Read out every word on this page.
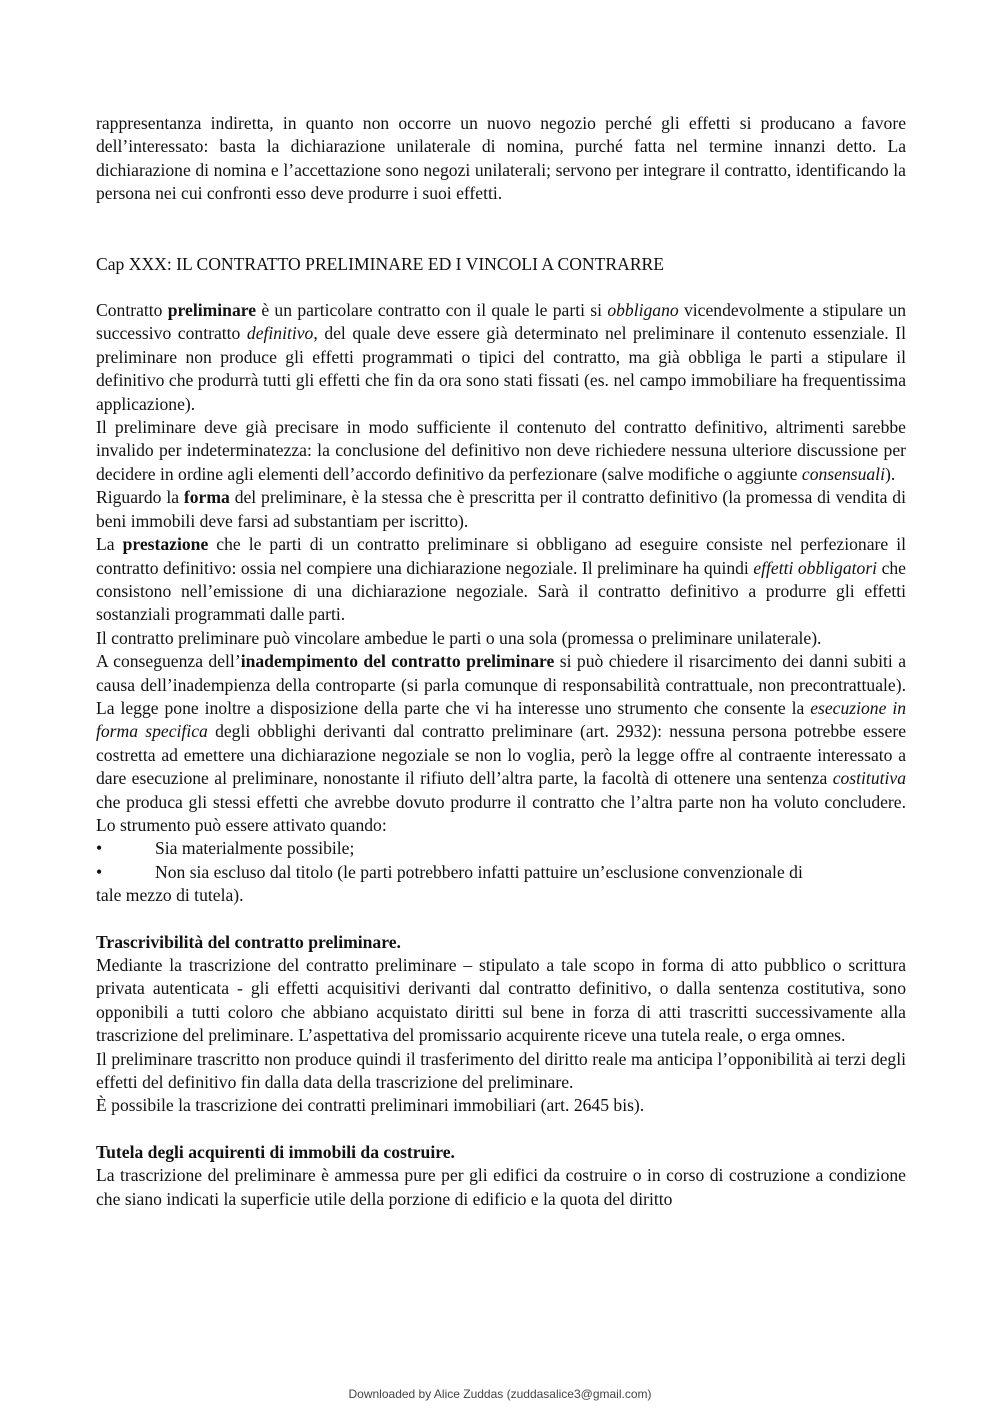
rappresentanza indiretta, in quanto non occorre un nuovo negozio perché gli effetti si producano a favore dell’interessato: basta la dichiarazione unilaterale di nomina, purché fatta nel termine innanzi detto. La dichiarazione di nomina e l’accettazione sono negozi unilaterali; servono per integrare il contratto, identificando la persona nei cui confronti esso deve produrre i suoi effetti.

Cap XXX: IL CONTRATTO PRELIMINARE ED I VINCOLI A CONTRARRE

Contratto preliminare è un particolare contratto con il quale le parti si obbligano vicendevolmente a stipulare un successivo contratto definitivo, del quale deve essere già determinato nel preliminare il contenuto essenziale. Il preliminare non produce gli effetti programmati o tipici del contratto, ma già obbliga le parti a stipulare il definitivo che produrrà tutti gli effetti che fin da ora sono stati fissati (es. nel campo immobiliare ha frequentissima applicazione).

Il preliminare deve già precisare in modo sufficiente il contenuto del contratto definitivo, altrimenti sarebbe invalido per indeterminatezza: la conclusione del definitivo non deve richiedere nessuna ulteriore discussione per decidere in ordine agli elementi dell’accordo definitivo da perfezionare (salve modifiche o aggiunte consensuali).

Riguardo la forma del preliminare, è la stessa che è prescritta per il contratto definitivo (la promessa di vendita di beni immobili deve farsi ad substantiam per iscritto).

La prestazione che le parti di un contratto preliminare si obbligano ad eseguire consiste nel perfezionare il contratto definitivo: ossia nel compiere una dichiarazione negoziale. Il preliminare ha quindi effetti obbligatori che consistono nell’emissione di una dichiarazione negoziale. Sarà il contratto definitivo a produrre gli effetti sostanziali programmati dalle parti.

Il contratto preliminare può vincolare ambedue le parti o una sola (promessa o preliminare unilaterale).

A conseguenza dell’inadempimento del contratto preliminare si può chiedere il risarcimento dei danni subiti a causa dell’inadempienza della controparte (si parla comunque di responsabilità contrattuale, non precontrattuale). La legge pone inoltre a disposizione della parte che vi ha interesse uno strumento che consente la esecuzione in forma specifica degli obblighi derivanti dal contratto preliminare (art. 2932): nessuna persona potrebbe essere costretta ad emettere una dichiarazione negoziale se non lo voglia, però la legge offre al contraente interessato a dare esecuzione al preliminare, nonostante il rifiuto dell’altra parte, la facoltà di ottenere una sentenza costitutiva che produca gli stessi effetti che avrebbe dovuto produrre il contratto che l’altra parte non ha voluto concludere. Lo strumento può essere attivato quando:

•	Sia materialmente possibile;
•	Non sia escluso dal titolo (le parti potrebbero infatti pattuire un’esclusione convenzionale di

tale mezzo di tutela).

Trascrivibilità del contratto preliminare.

Mediante la trascrizione del contratto preliminare – stipulato a tale scopo in forma di atto pubblico o scrittura privata autenticata - gli effetti acquisitivi derivanti dal contratto definitivo, o dalla sentenza costitutiva, sono opponibili a tutti coloro che abbiano acquistato diritti sul bene in forza di atti trascritti successivamente alla trascrizione del preliminare. L’aspettativa del promissario acquirente riceve una tutela reale, o erga omnes.

Il preliminare trascritto non produce quindi il trasferimento del diritto reale ma anticipa l’opponibilità ai terzi degli effetti del definitivo fin dalla data della trascrizione del preliminare.

È possibile la trascrizione dei contratti preliminari immobiliari (art. 2645 bis).

Tutela degli acquirenti di immobili da costruire.

La trascrizione del preliminare è ammessa pure per gli edifici da costruire o in corso di costruzione a condizione che siano indicati la superficie utile della porzione di edificio e la quota del diritto

Downloaded by Alice Zuddas (zuddasalice3@gmail.com)
